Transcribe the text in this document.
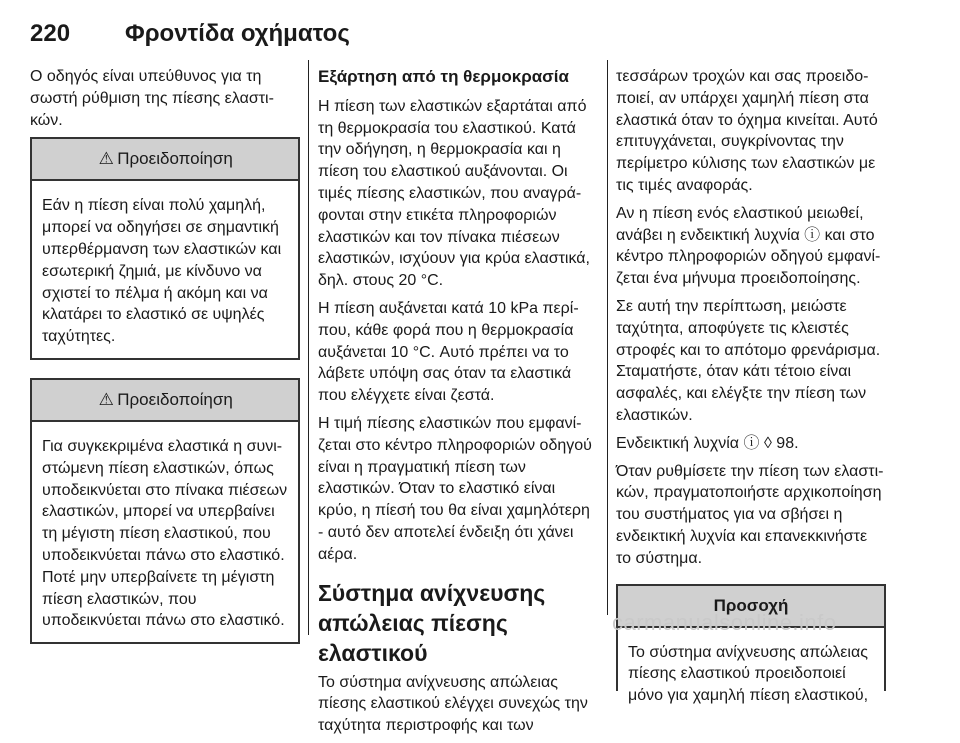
220	Φροντίδα οχήματος

Ο οδηγός είναι υπεύθυνος για τη σωστή ρύθμιση της πίεσης ελαστικών.

⚠ Προειδοποίηση
Εάν η πίεση είναι πολύ χαμηλή, μπορεί να οδηγήσει σε σημαντική υπερθέρμανση των ελαστικών και εσωτερική ζημιά, με κίνδυνο να σχιστεί το πέλμα ή ακόμη και να κλατάρει το ελαστικό σε υψηλές ταχύτητες.
⚠ Προειδοποίηση
Για συγκεκριμένα ελαστικά η συνιστώμενη πίεση ελαστικών, όπως υποδεικνύεται στο πίνακα πιέσεων ελαστικών, μπορεί να υπερβαίνει τη μέγιστη πίεση ελαστικού, που υποδεικνύεται πάνω στο ελαστικό. Ποτέ μην υπερβαίνετε τη μέγιστη πίεση ελαστικών, που υποδεικνύεται πάνω στο ελαστικό.
Εξάρτηση από τη θερμοκρασία

Η πίεση των ελαστικών εξαρτάται από τη θερμοκρασία του ελαστικού. Κατά την οδήγηση, η θερμοκρασία και η πίεση του ελαστικού αυξάνονται. Οι τιμές πίεσης ελαστικών, που αναγράφονται στην ετικέτα πληροφοριών ελαστικών και τον πίνακα πιέσεων ελαστικών, ισχύουν για κρύα ελαστικά, δηλ. στους 20 °C.

Η πίεση αυξάνεται κατά 10 kPa περίπου, κάθε φορά που η θερμοκρασία αυξάνεται 10 °C. Αυτό πρέπει να το λάβετε υπόψη σας όταν τα ελαστικά που ελέγχετε είναι ζεστά.

Η τιμή πίεσης ελαστικών που εμφανίζεται στο κέντρο πληροφοριών οδηγού είναι η πραγματική πίεση των ελαστικών. Όταν το ελαστικό είναι κρύο, η πίεσή του θα είναι χαμηλότερη - αυτό δεν αποτελεί ένδειξη ότι χάνει αέρα.

Σύστημα ανίχνευσης απώλειας πίεσης ελαστικού

Το σύστημα ανίχνευσης απώλειας πίεσης ελαστικού ελέγχει συνεχώς την ταχύτητα περιστροφής και των

τεσσάρων τροχών και σας προειδοποιεί, αν υπάρχει χαμηλή πίεση στα ελαστικά όταν το όχημα κινείται. Αυτό επιτυγχάνεται, συγκρίνοντας την περίμετρο κύλισης των ελαστικών με τις τιμές αναφοράς.

Αν η πίεση ενός ελαστικού μειωθεί, ανάβει η ενδεικτική λυχνία ⓘ και στο κέντρο πληροφοριών οδηγού εμφανίζεται ένα μήνυμα προειδοποίησης.

Σε αυτή την περίπτωση, μειώστε ταχύτητα, αποφύγετε τις κλειστές στροφές και το απότομο φρενάρισμα. Σταματήστε, όταν κάτι τέτοιο είναι ασφαλές, και ελέγξτε την πίεση των ελαστικών.

Ενδεικτική λυχνία ⓘ ◊ 98.

Όταν ρυθμίσετε την πίεση των ελαστικών, πραγματοποιήστε αρχικοποίηση του συστήματος για να σβήσει η ενδεικτική λυχνία και επανεκκινήστε το σύστημα.

Προσοχή
Το σύστημα ανίχνευσης απώλειας πίεσης ελαστικού προειδοποιεί μόνο για χαμηλή πίεση ελαστικού,
carmanualsonline.info
